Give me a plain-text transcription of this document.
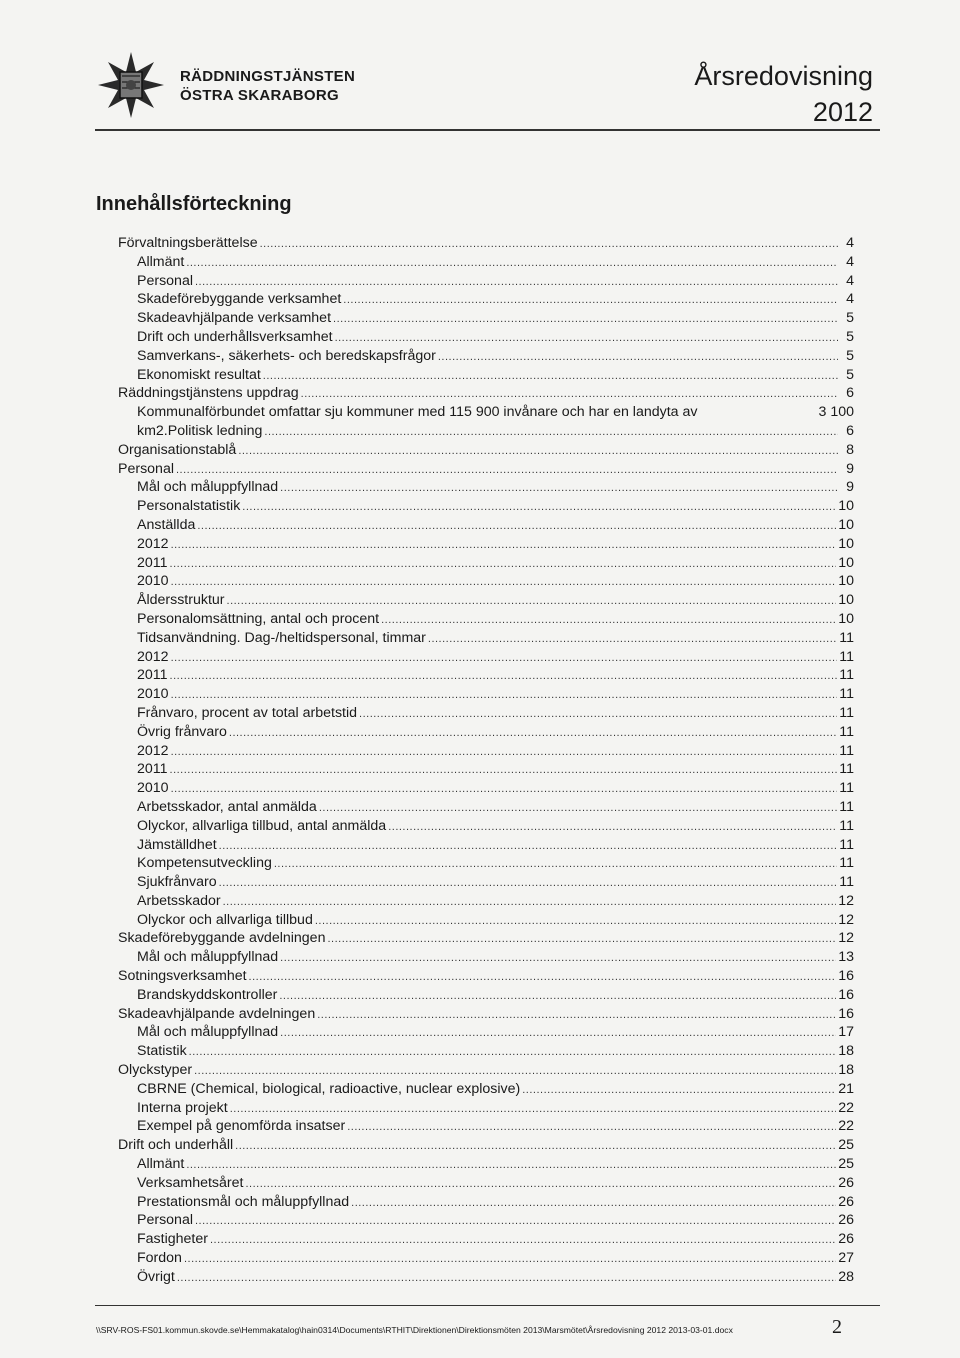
RÄDDNINGSTJÄNSTEN
ÖSTRA SKARABORG
Årsredovisning
2012
Innehållsförteckning
Förvaltningsberättelse .....	4
Allmänt .....	4
Personal .....	4
Skadeförebyggande verksamhet .....	4
Skadeavhjälpande verksamhet .....	5
Drift och underhållsverksamhet .....	5
Samverkans-, säkerhets- och beredskapsfrågor .....	5
Ekonomiskt resultat .....	5
Räddningstjänstens uppdrag .....	6
Kommunalförbundet omfattar sju kommuner med 115 900 invånare och har en landyta av	3 100
km2.Politisk ledning .....	6
Organisationstablå .....	8
Personal .....	9
Mål och måluppfyllnad .....	9
Personalstatistik .....	10
Anställda .....	10
2012 .....	10
2011 .....	10
2010 .....	10
Åldersstruktur .....	10
Personalomsättning, antal och procent .....	10
Tidsanvändning. Dag-/heltidspersonal, timmar .....	11
2012 .....	11
2011 .....	11
2010 .....	11
Frånvaro, procent av total arbetstid .....	11
Övrig frånvaro .....	11
2012 .....	11
2011 .....	11
2010 .....	11
Arbetsskador, antal anmälda .....	11
Olyckor, allvarliga tillbud, antal anmälda .....	11
Jämställdhet .....	11
Kompetensutveckling .....	11
Sjukfrånvaro .....	11
Arbetsskador .....	12
Olyckor och allvarliga tillbud .....	12
Skadeförebyggande avdelningen .....	12
Mål och måluppfyllnad .....	13
Sotningsverksamhet .....	16
Brandskyddskontroller .....	16
Skadeavhjälpande avdelningen .....	16
Mål och måluppfyllnad .....	17
Statistik .....	18
Olyckstyper .....	18
CBRNE (Chemical, biological, radioactive, nuclear explosive) .....	21
Interna projekt .....	22
Exempel på genomförda insatser .....	22
Drift och underhåll .....	25
Allmänt .....	25
Verksamhetsåret .....	26
Prestationsmål och måluppfyllnad .....	26
Personal .....	26
Fastigheter .....	26
Fordon .....	27
Övrigt .....	28
\\SRV-ROS-FS01.kommun.skovde.se\Hemmakatalog\hain0314\Documents\RTHIT\Direktionen\Direktionsmöten 2013\Marsmötet\Årsredovisning 2012 2013-03-01.docx	2
